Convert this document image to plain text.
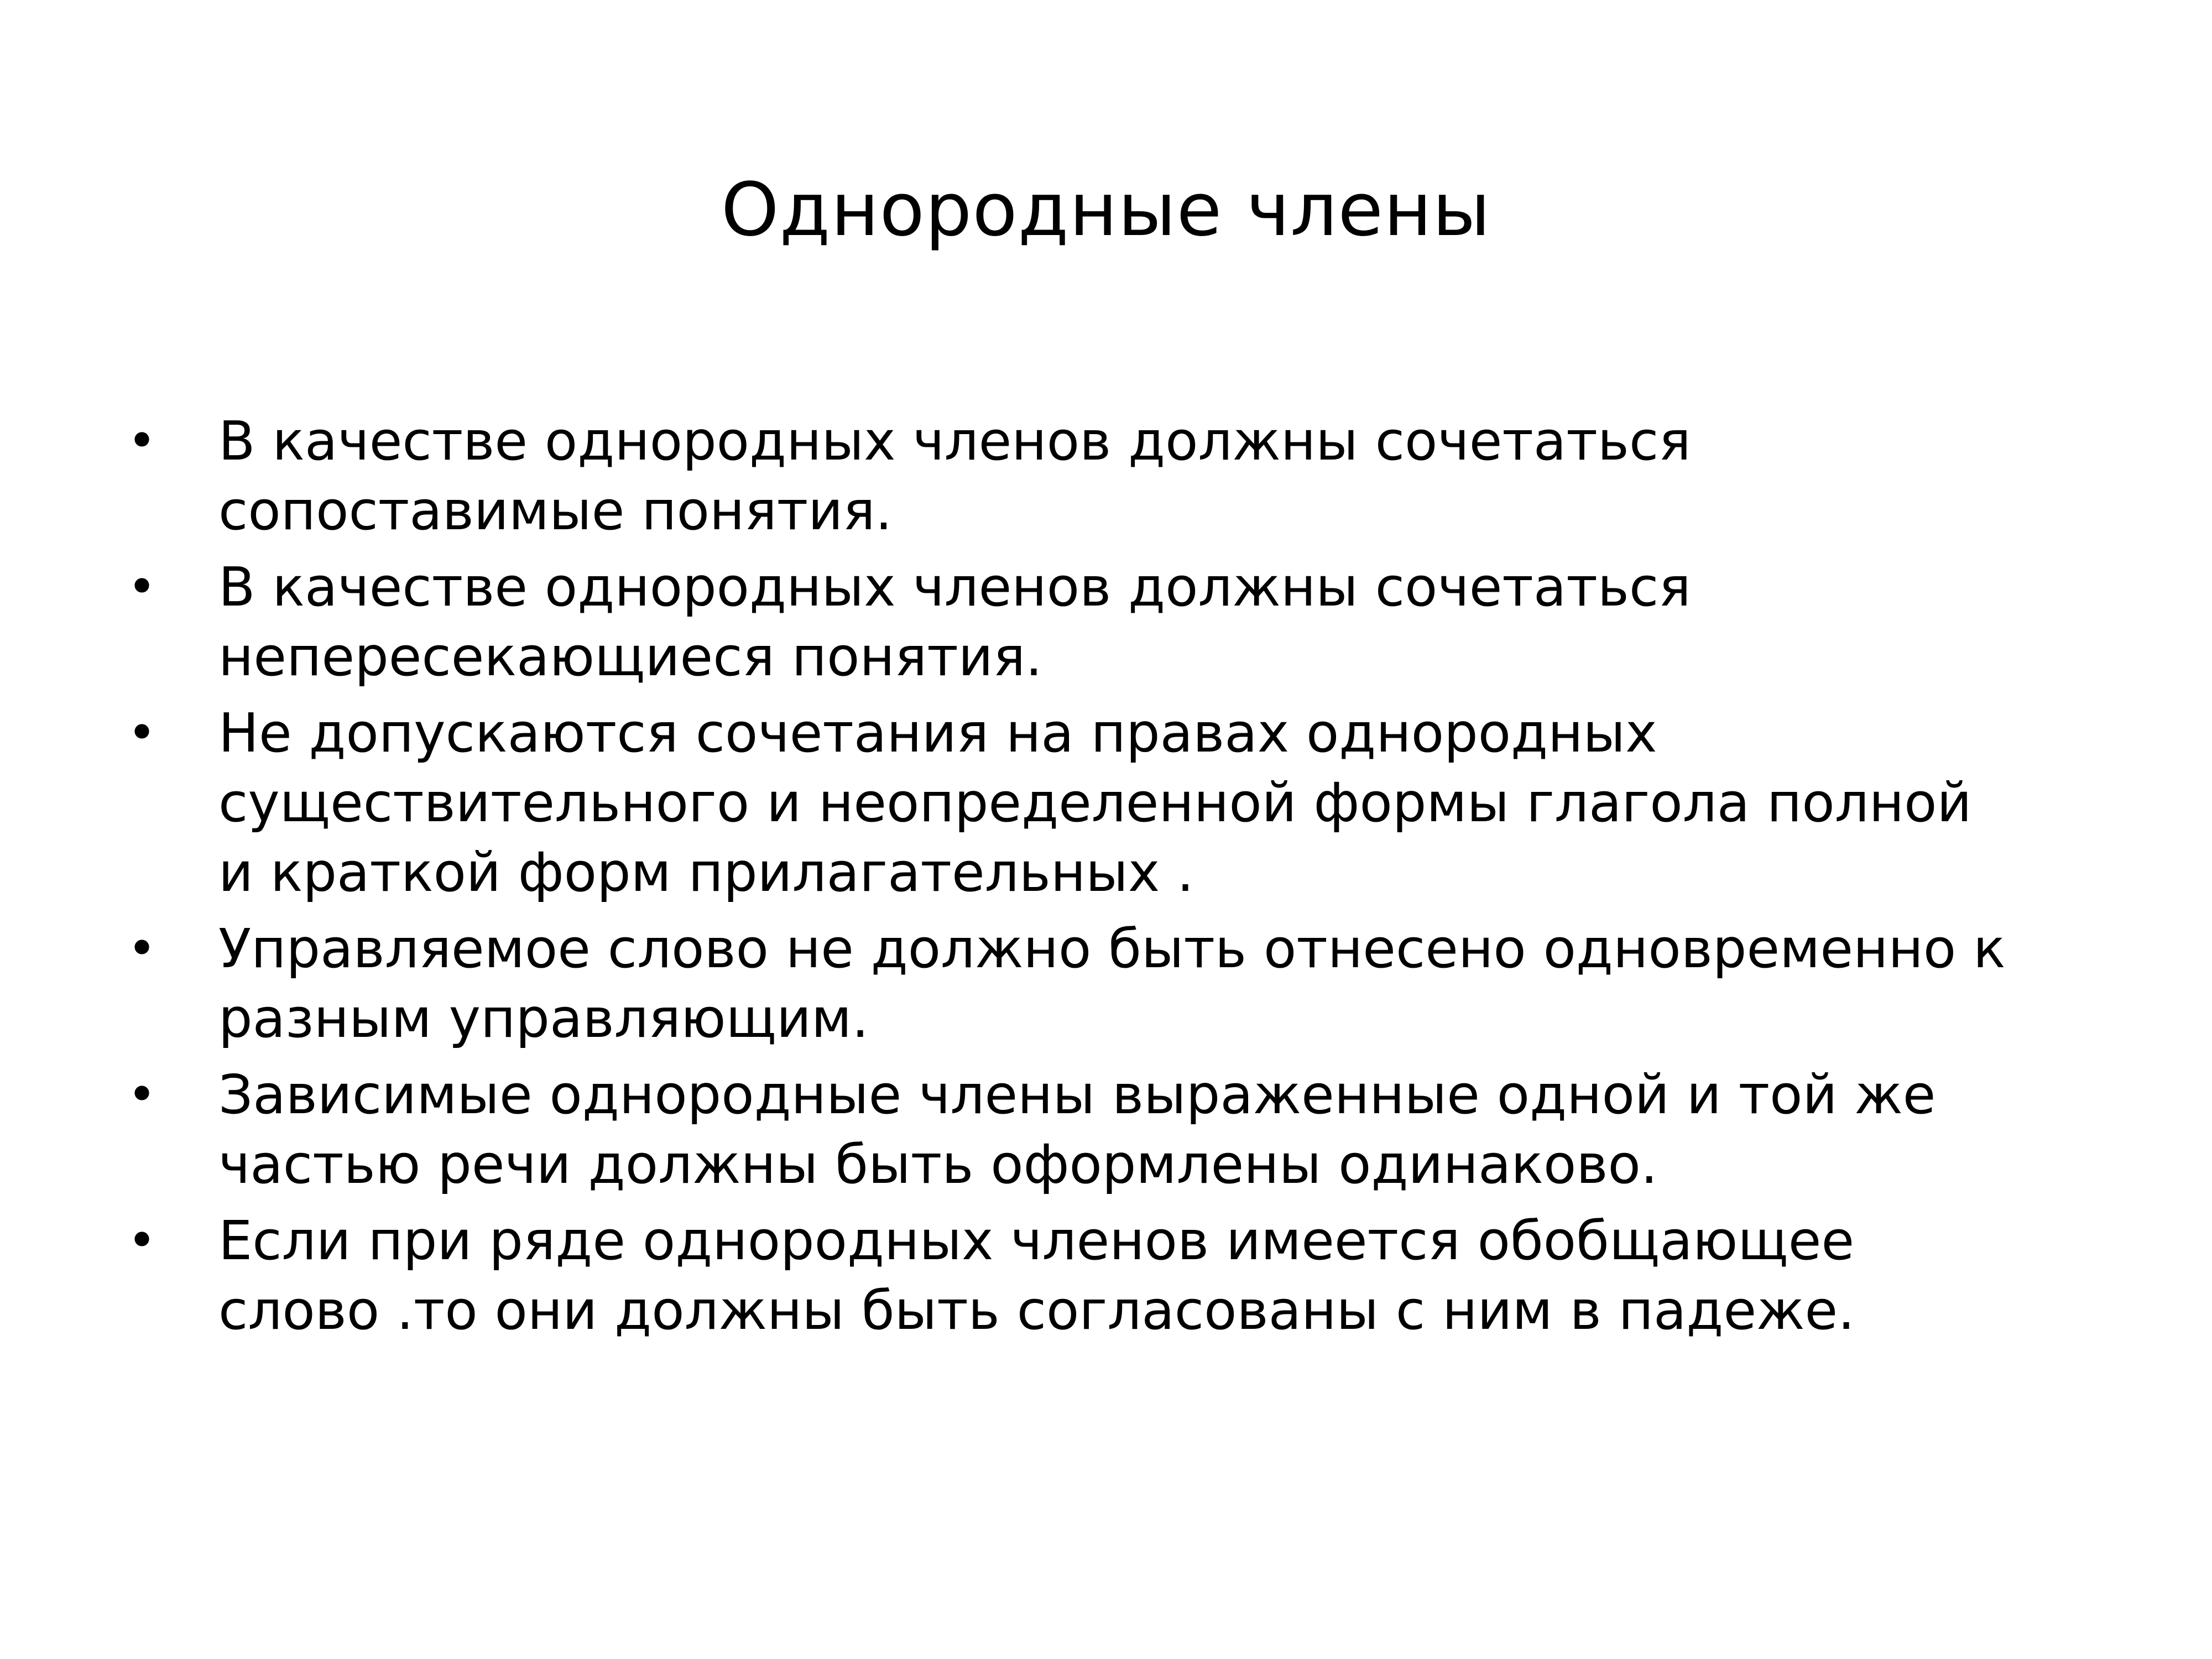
Однородные члены
•	В качестве однородных членов должны сочетаться
сопоставимые понятия.
•	В качестве однородных членов должны сочетаться
непересекающиеся понятия.
•	Не допускаются сочетания на правах однородных
существительного и неопределенной формы глагола полной
и краткой форм прилагательных .
•	Управляемое слово не должно быть отнесено одновременно к
разным управляющим.
•	Зависимые однородные члены выраженные одной и той же
частью речи должны быть оформлены одинаково.
•	Если при ряде однородных членов имеется обобщающее
слово .то они должны быть согласованы с ним в падеже.
